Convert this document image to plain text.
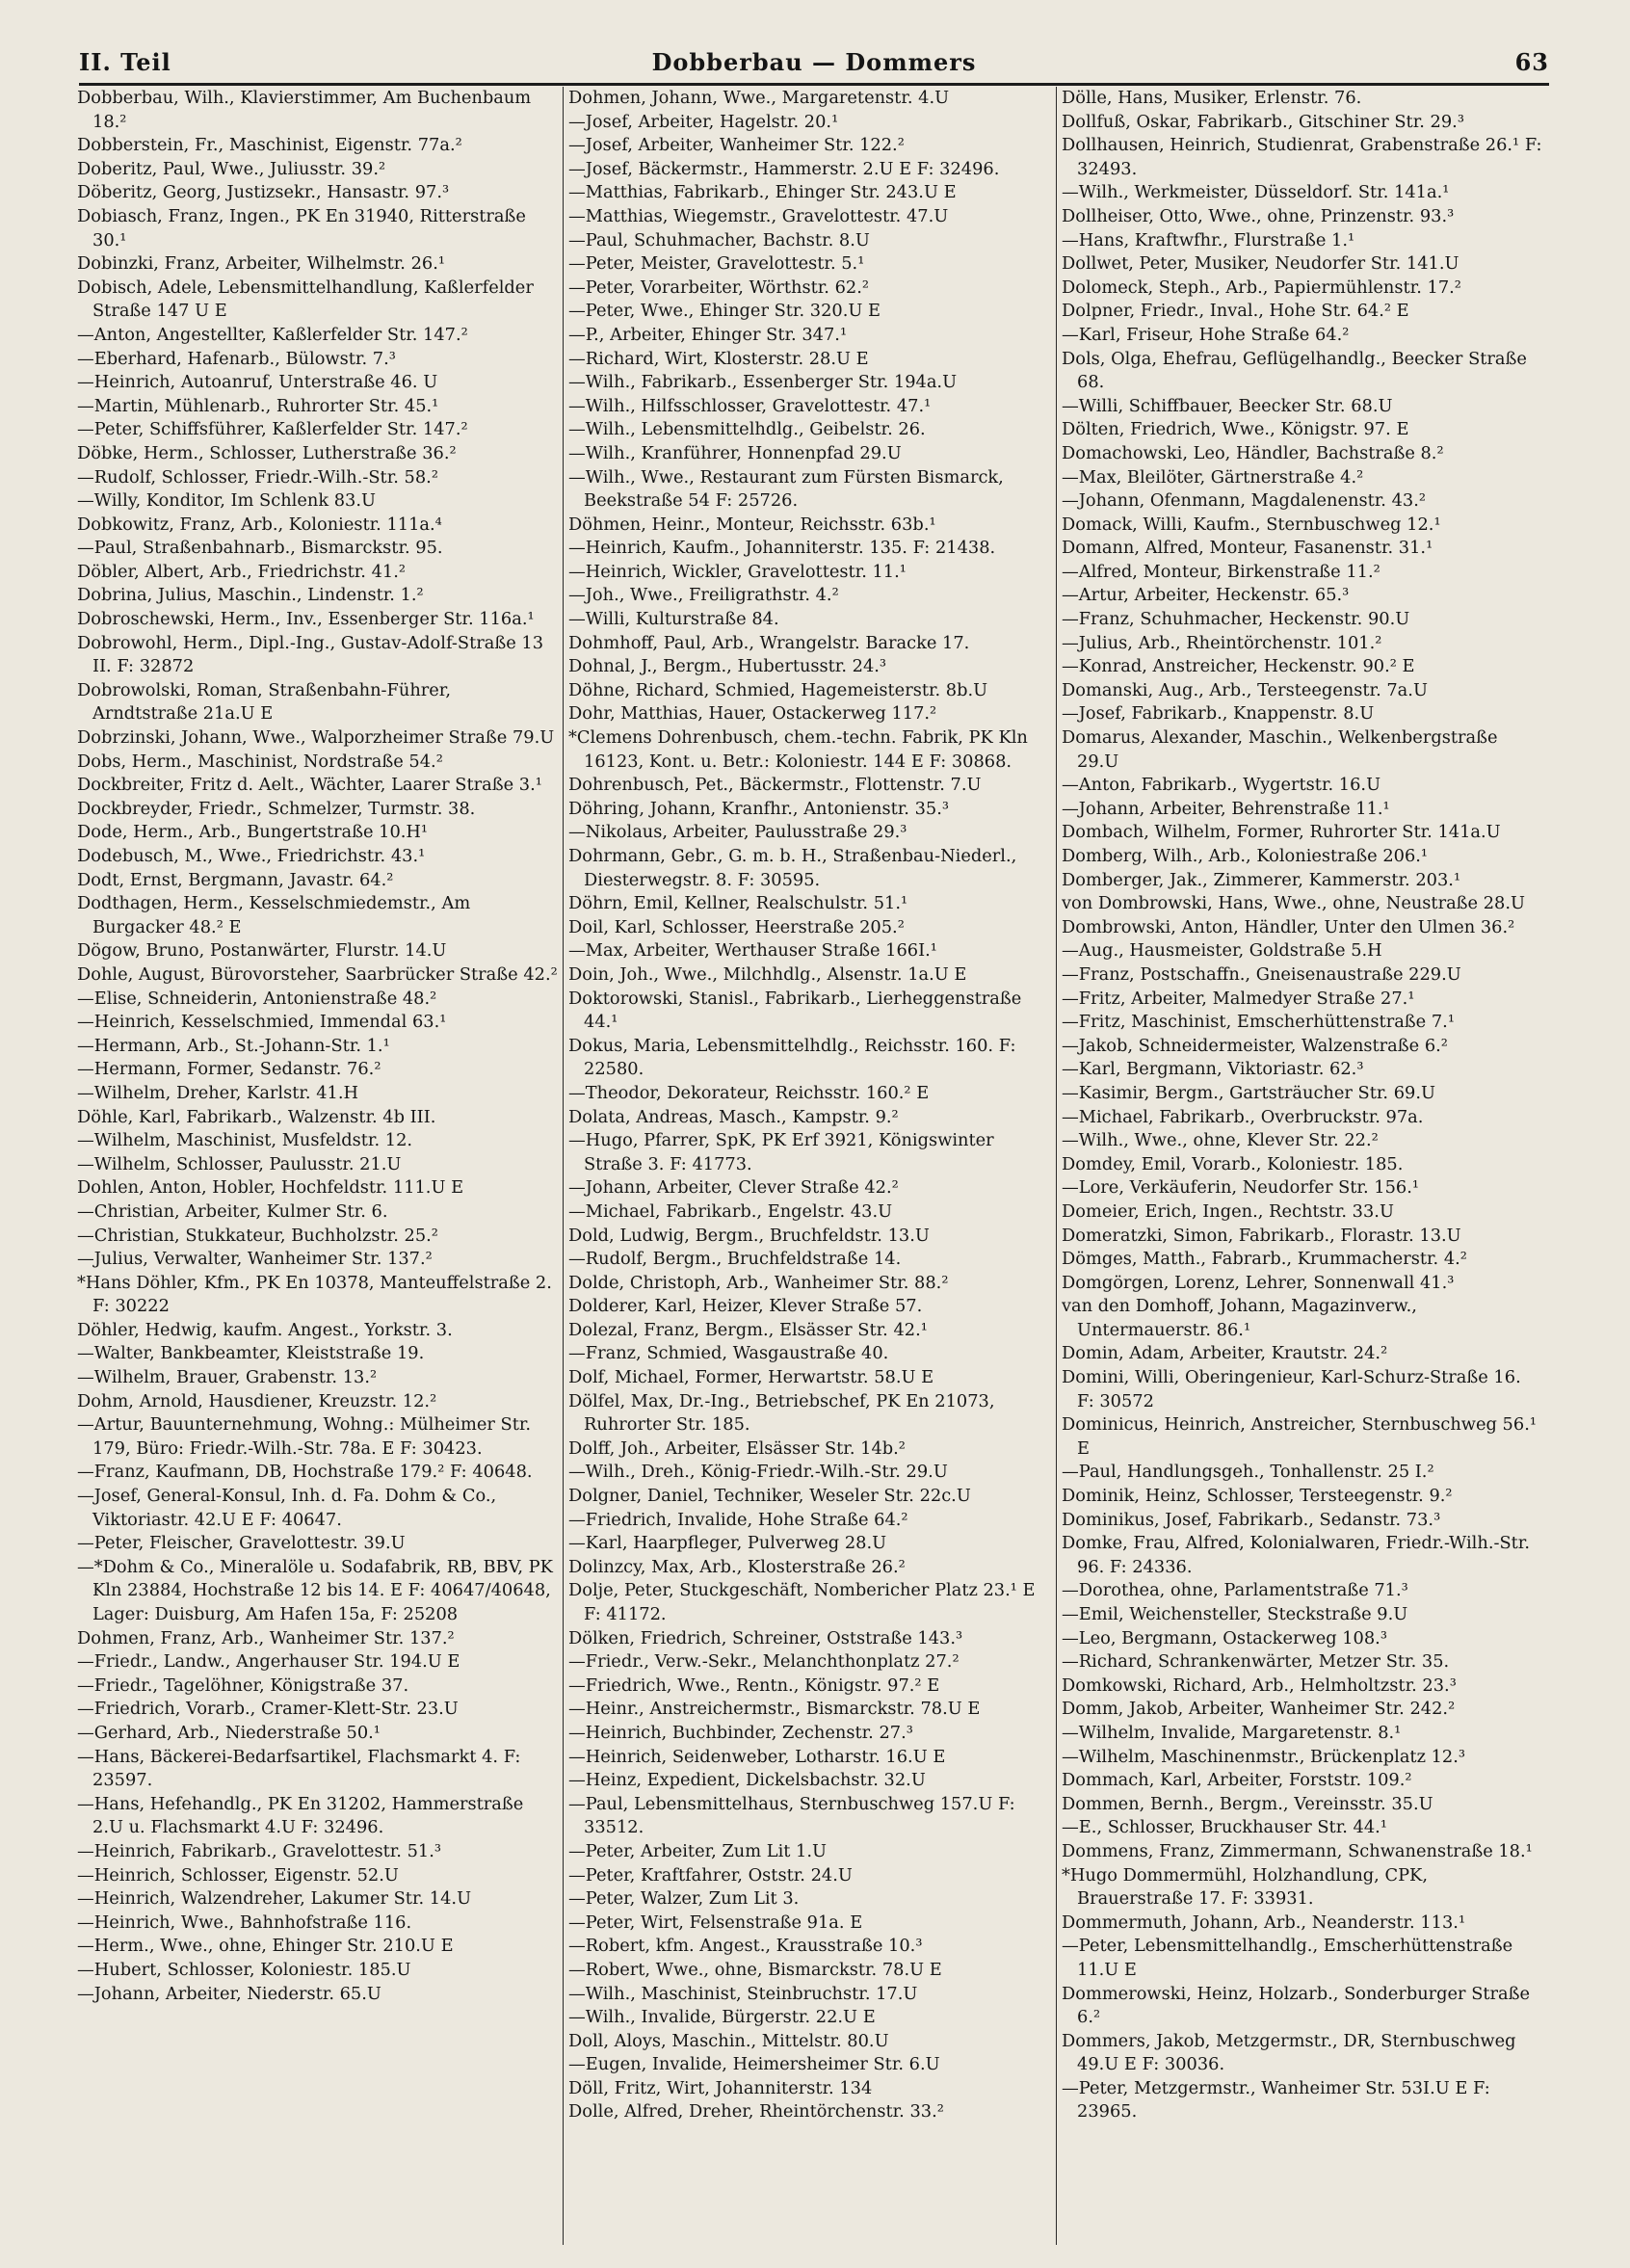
II. Teil	Dobberbau — Dommers	63
Dobberbau, Wilh., Klavierstimmer, Am Buchenbaum 18.²
Dobberstein, Fr., Maschinist, Eigenstr. 77a.²
Doberitz, Paul, Wwe., Juliusstr. 39.²
Döberitz, Georg, Justizsekr., Hansastr. 97.³
Dobiasch, Franz, Ingen., PK En 31940, Ritterstraße 30.¹
Dobinzki, Franz, Arbeiter, Wilhelmstr. 26.¹
Dobisch, Adele, Lebensmittelhandlung, Kaßlerfelder Straße 147 U E
—Anton, Angestellter, Kaßlerfelder Str. 147.²
—Eberhard, Hafenarb., Bülowstr. 7.³
—Heinrich, Autoanruf, Unterstraße 46. U
—Martin, Mühlenarb., Ruhrorter Str. 45.¹
—Peter, Schiffsführer, Kaßlerfelder Str. 147.²
Döbke, Herm., Schlosser, Lutherstraße 36.²
—Rudolf, Schlosser, Friedr.-Wilh.-Str. 58.²
—Willy, Konditor, Im Schlenk 83.U
Dobkowitz, Franz, Arb., Koloniestr. 111a.⁴
—Paul, Straßenbahnarb., Bismarckstr. 95.
Döbler, Albert, Arb., Friedrichstr. 41.²
Dobrina, Julius, Maschin., Lindenstr. 1.²
Dobroschewski, Herm., Inv., Essenberger Str. 116a.¹
Dobrowohl, Herm., Dipl.-Ing., Gustav-Adolf-Straße 13 II. F: 32872
Dobrowolski, Roman, Straßenbahn-Führer, Arndtstraße 21a.U E
Dobrzinski, Johann, Wwe., Walporzheimer Straße 79.U
Dobs, Herm., Maschinist, Nordstraße 54.²
Dockbreiter, Fritz d. Aelt., Wächter, Laarer Straße 3.¹
Dockbreyder, Friedr., Schmelzer, Turmstr. 38.
Dode, Herm., Arb., Bungertstraße 10.H¹
Dodebusch, M., Wwe., Friedrichstr. 43.¹
Dodt, Ernst, Bergmann, Javastr. 64.²
Dodthagen, Herm., Kesselschmiedemstr., Am Burgacker 48.² E
Dögow, Bruno, Postanwärter, Flurstr. 14.U
Dohle, August, Bürovorsteher, Saarbrücker Straße 42.²
—Elise, Schneiderin, Antonienstraße 48.²
—Heinrich, Kesselschmied, Immendal 63.¹
—Hermann, Arb., St.-Johann-Str. 1.¹
—Hermann, Former, Sedanstr. 76.²
—Wilhelm, Dreher, Karlstr. 41.H
Döhle, Karl, Fabrikarb., Walzenstr. 4b III.
—Wilhelm, Maschinist, Musfeldstr. 12.
—Wilhelm, Schlosser, Paulusstr. 21.U
Dohlen, Anton, Hobler, Hochfeldstr. 111.U E
—Christian, Arbeiter, Kulmer Str. 6.
—Christian, Stukkateur, Buchholzstr. 25.²
—Julius, Verwalter, Wanheimer Str. 137.²
*Hans Döhler, Kfm., PK En 10378, Manteuffelstraße 2. F: 30222
Döhler, Hedwig, kaufm. Angest., Yorkstr. 3.
—Walter, Bankbeamter, Kleiststraße 19.
—Wilhelm, Brauer, Grabenstr. 13.²
Dohm, Arnold, Hausdiener, Kreuzstr. 12.²
—Artur, Bauunternehmung, Wohng.: Mülheimer Str. 179, Büro: Friedr.-Wilh.-Str. 78a. E F: 30423.
—Franz, Kaufmann, DB, Hochstraße 179.² F: 40648.
—Josef, General-Konsul, Inh. d. Fa. Dohm & Co., Viktoriastr. 42.U E F: 40647.
—Peter, Fleischer, Gravelottestr. 39.U
—*Dohm & Co., Mineralöle u. Sodafabrik, RB, BBV, PK Kln 23884, Hochstraße 12 bis 14. E F: 40647/40648, Lager: Duisburg, Am Hafen 15a, F: 25208
Dohmen, Franz, Arb., Wanheimer Str. 137.²
—Friedr., Landw., Angerhauser Str. 194.U E
—Friedr., Tagelöhner, Königstraße 37.
—Friedrich, Vorarb., Cramer-Klett-Str. 23.U
—Gerhard, Arb., Niederstraße 50.¹
—Hans, Bäckerei-Bedarfsartikel, Flachsmarkt 4. F: 23597.
—Hans, Hefehandlg., PK En 31202, Hammerstraße 2.U u. Flachsmarkt 4.U F: 32496.
—Heinrich, Fabrikarb., Gravelottestr. 51.³
—Heinrich, Schlosser, Eigenstr. 52.U
—Heinrich, Walzendreher, Lakumer Str. 14.U
—Heinrich, Wwe., Bahnhofstraße 116.
—Herm., Wwe., ohne, Ehinger Str. 210.U E
—Hubert, Schlosser, Koloniestr. 185.U
—Johann, Arbeiter, Niederstr. 65.U
Dohmen, Johann, Wwe., Margaretenstr. 4.U
—Josef, Arbeiter, Hagelstr. 20.¹
—Josef, Arbeiter, Wanheimer Str. 122.²
—Josef, Bäckermstr., Hammerstr. 2.U E F: 32496.
—Matthias, Fabrikarb., Ehinger Str. 243.U E
—Matthias, Wiegemstr., Gravelottestr. 47.U
—Paul, Schuhmacher, Bachstr. 8.U
—Peter, Meister, Gravelottestr. 5.¹
—Peter, Vorarbeiter, Wörthstr. 62.²
—Peter, Wwe., Ehinger Str. 320.U E
—P., Arbeiter, Ehinger Str. 347.¹
—Richard, Wirt, Klosterstr. 28.U E
—Wilh., Fabrikarb., Essenberger Str. 194a.U
—Wilh., Hilfsschlosser, Gravelottestr. 47.¹
—Wilh., Lebensmittelhdlg., Geibelstr. 26.
—Wilh., Kranführer, Honnenpfad 29.U
—Wilh., Wwe., Restaurant zum Fürsten Bismarck, Beekstraße 54 F: 25726.
Döhmen, Heinr., Monteur, Reichsstr. 63b.¹
—Heinrich, Kaufm., Johanniterstr. 135. F: 21438.
—Heinrich, Wickler, Gravelottestr. 11.¹
—Joh., Wwe., Freiligrathstr. 4.²
—Willi, Kulturstraße 84.
Dohmhoff, Paul, Arb., Wrangelstr. Baracke 17.
Dohnal, J., Bergm., Hubertusstr. 24.³
Döhne, Richard, Schmied, Hagemeisterstr. 8b.U
Dohr, Matthias, Hauer, Ostackerweg 117.²
*Clemens Dohrenbusch, chem.-techn. Fabrik, PK Kln 16123, Kont. u. Betr.: Koloniestr. 144 E F: 30868.
Dohrenbusch, Pet., Bäckermstr., Flottenstr. 7.U
Döhring, Johann, Kranfhr., Antonienstr. 35.³
—Nikolaus, Arbeiter, Paulusstraße 29.³
Dohrmann, Gebr., G. m. b. H., Straßenbau-Niederl., Diesterwegstr. 8. F: 30595.
Döhrn, Emil, Kellner, Realschulstr. 51.¹
Doil, Karl, Schlosser, Heerstraße 205.²
—Max, Arbeiter, Werthauser Straße 166I.¹
Doin, Joh., Wwe., Milchhdlg., Alsenstr. 1a.U E
Doktorowski, Stanisl., Fabrikarb., Lierheggenstraße 44.¹
Dokus, Maria, Lebensmittelhdlg., Reichsstr. 160. F: 22580.
—Theodor, Dekorateur, Reichsstr. 160.² E
Dolata, Andreas, Masch., Kampstr. 9.²
—Hugo, Pfarrer, SpK, PK Erf 3921, Königswinter Straße 3. F: 41773.
—Johann, Arbeiter, Clever Straße 42.²
—Michael, Fabrikarb., Engelstr. 43.U
Dold, Ludwig, Bergm., Bruchfeldstr. 13.U
—Rudolf, Bergm., Bruchfeldstraße 14.
Dolde, Christoph, Arb., Wanheimer Str. 88.²
Dolderer, Karl, Heizer, Klever Straße 57.
Dolezal, Franz, Bergm., Elsässer Str. 42.¹
—Franz, Schmied, Wasgaustraße 40.
Dolf, Michael, Former, Herwartstr. 58.U E
Dölfel, Max, Dr.-Ing., Betriebschef, PK En 21073, Ruhrorter Str. 185.
Dolff, Joh., Arbeiter, Elsässer Str. 14b.²
—Wilh., Dreh., König-Friedr.-Wilh.-Str. 29.U
Dolgner, Daniel, Techniker, Weseler Str. 22c.U
—Friedrich, Invalide, Hohe Straße 64.²
—Karl, Haarpfleger, Pulverweg 28.U
Dolinzcy, Max, Arb., Klosterstraße 26.²
Dolje, Peter, Stuckgeschäft, Nombericher Platz 23.¹ E F: 41172.
Dölken, Friedrich, Schreiner, Oststraße 143.³
—Friedr., Verw.-Sekr., Melanchthonplatz 27.²
—Friedrich, Wwe., Rentn., Königstr. 97.² E
—Heinr., Anstreichermstr., Bismarckstr. 78.U E
—Heinrich, Buchbinder, Zechenstr. 27.³
—Heinrich, Seidenweber, Lotharstr. 16.U E
—Heinz, Expedient, Dickelsbachstr. 32.U
—Paul, Lebensmittelhaus, Sternbuschweg 157.U F: 33512.
—Peter, Arbeiter, Zum Lit 1.U
—Peter, Kraftfahrer, Oststr. 24.U
—Peter, Walzer, Zum Lit 3.
—Peter, Wirt, Felsenstraße 91a. E
—Robert, kfm. Angest., Krausstraße 10.³
—Robert, Wwe., ohne, Bismarckstr. 78.U E
—Wilh., Maschinist, Steinbruchstr. 17.U
—Wilh., Invalide, Bürgerstr. 22.U E
Doll, Aloys, Maschin., Mittelstr. 80.U
—Eugen, Invalide, Heimersheimer Str. 6.U
Döll, Fritz, Wirt, Johanniterstr. 134
Dolle, Alfred, Dreher, Rheintörchenstr. 33.²
Dölle, Hans, Musiker, Erlenstr. 76.
Dollfuß, Oskar, Fabrikarb., Gitschiner Str. 29.³
Dollhausen, Heinrich, Studienrat, Grabenstraße 26.¹ F: 32493.
—Wilh., Werkmeister, Düsseldorf. Str. 141a.¹
Dollheiser, Otto, Wwe., ohne, Prinzenstr. 93.³
—Hans, Kraftwfhr., Flurstraße 1.¹
Dollwet, Peter, Musiker, Neudorfer Str. 141.U
Dolomeck, Steph., Arb., Papiermühlenstr. 17.²
Dolpner, Friedr., Inval., Hohe Str. 64.² E
—Karl, Friseur, Hohe Straße 64.²
Dols, Olga, Ehefrau, Geflügelhandlg., Beecker Straße 68.
—Willi, Schiffbauer, Beecker Str. 68.U
Dölten, Friedrich, Wwe., Königstr. 97. E
Domachowski, Leo, Händler, Bachstraße 8.²
—Max, Bleilöter, Gärtnerstraße 4.²
—Johann, Ofenmann, Magdalenenstr. 43.²
Domack, Willi, Kaufm., Sternbuschweg 12.¹
Domann, Alfred, Monteur, Fasanenstr. 31.¹
—Alfred, Monteur, Birkenstraße 11.²
—Artur, Arbeiter, Heckenstr. 65.³
—Franz, Schuhmacher, Heckenstr. 90.U
—Julius, Arb., Rheintörchenstr. 101.²
—Konrad, Anstreicher, Heckenstr. 90.² E
Domanski, Aug., Arb., Tersteegenstr. 7a.U
—Josef, Fabrikarb., Knappenstr. 8.U
Domarus, Alexander, Maschin., Welkenbergstraße 29.U
—Anton, Fabrikarb., Wygertstr. 16.U
—Johann, Arbeiter, Behrenstraße 11.¹
Dombach, Wilhelm, Former, Ruhrorter Str. 141a.U
Domberg, Wilh., Arb., Koloniestraße 206.¹
Domberger, Jak., Zimmerer, Kammerstr. 203.¹
von Dombrowski, Hans, Wwe., ohne, Neustraße 28.U
Dombrowski, Anton, Händler, Unter den Ulmen 36.²
—Aug., Hausmeister, Goldstraße 5.H
—Franz, Postschaffn., Gneisenaustraße 229.U
—Fritz, Arbeiter, Malmedyer Straße 27.¹
—Fritz, Maschinist, Emscherhüttenstraße 7.¹
—Jakob, Schneidermeister, Walzenstraße 6.²
—Karl, Bergmann, Viktoriastr. 62.³
—Kasimir, Bergm., Gartsträucher Str. 69.U
—Michael, Fabrikarb., Overbruckstr. 97a.
—Wilh., Wwe., ohne, Klever Str. 22.²
Domdey, Emil, Vorarb., Koloniestr. 185.
—Lore, Verkäuferin, Neudorfer Str. 156.¹
Domeier, Erich, Ingen., Rechtstr. 33.U
Domeratzki, Simon, Fabrikarb., Florastr. 13.U
Dömges, Matth., Fabrarb., Krummacherstr. 4.²
Domgörgen, Lorenz, Lehrer, Sonnenwall 41.³
van den Domhoff, Johann, Magazinverw., Untermauerstr. 86.¹
Domin, Adam, Arbeiter, Krautstr. 24.²
Domini, Willi, Oberingenieur, Karl-Schurz-Straße 16. F: 30572
Dominicus, Heinrich, Anstreicher, Sternbuschweg 56.¹ E
—Paul, Handlungsgeh., Tonhallenstr. 25 I.²
Dominik, Heinz, Schlosser, Tersteegenstr. 9.²
Dominikus, Josef, Fabrikarb., Sedanstr. 73.³
Domke, Frau, Alfred, Kolonialwaren, Friedr.-Wilh.-Str. 96. F: 24336.
—Dorothea, ohne, Parlamentstraße 71.³
—Emil, Weichensteller, Steckstraße 9.U
—Leo, Bergmann, Ostackerweg 108.³
—Richard, Schrankenwärter, Metzer Str. 35.
Domkowski, Richard, Arb., Helmholtzstr. 23.³
Domm, Jakob, Arbeiter, Wanheimer Str. 242.²
—Wilhelm, Invalide, Margaretenstr. 8.¹
—Wilhelm, Maschinenmstr., Brückenplatz 12.³
Dommach, Karl, Arbeiter, Forststr. 109.²
Dommen, Bernh., Bergm., Vereinsstr. 35.U
—E., Schlosser, Bruckhauser Str. 44.¹
Dommens, Franz, Zimmermann, Schwanenstraße 18.¹
*Hugo Dommermühl, Holzhandlung, CPK, Brauerstraße 17. F: 33931.
Dommermuth, Johann, Arb., Neanderstr. 113.¹
—Peter, Lebensmittelhandlg., Emscherhüttenstraße 11.U E
Dommerowski, Heinz, Holzarb., Sonderburger Straße 6.²
Dommers, Jakob, Metzgermstr., DR, Sternbuschweg 49.U E F: 30036.
—Peter, Metzgermstr., Wanheimer Str. 53I.U E F: 23965.
